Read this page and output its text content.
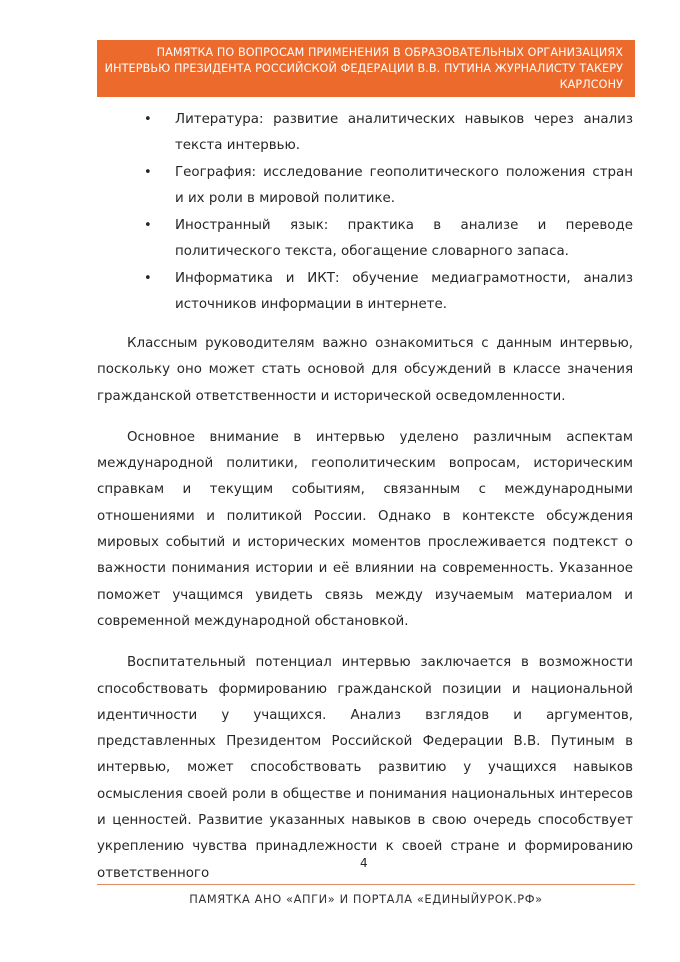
ПАМЯТКА ПО ВОПРОСАМ ПРИМЕНЕНИЯ В ОБРАЗОВАТЕЛЬНЫХ ОРГАНИЗАЦИЯХ
ИНТЕРВЬЮ ПРЕЗИДЕНТА РОССИЙСКОЙ ФЕДЕРАЦИИ В.В. ПУТИНА ЖУРНАЛИСТУ ТАКЕРУ
КАРЛСОНУ
• Литература: развитие аналитических навыков через анализ текста интервью.
• География: исследование геополитического положения стран и их роли в мировой политике.
• Иностранный язык: практика в анализе и переводе политического текста, обогащение словарного запаса.
• Информатика и ИКТ: обучение медиаграмотности, анализ источников информации в интернете.

Классным руководителям важно ознакомиться с данным интервью, поскольку оно может стать основой для обсуждений в классе значения гражданской ответственности и исторической осведомленности.

Основное внимание в интервью уделено различным аспектам международной политики, геополитическим вопросам, историческим справкам и текущим событиям, связанным с международными отношениями и политикой России. Однако в контексте обсуждения мировых событий и исторических моментов прослеживается подтекст о важности понимания истории и её влиянии на современность. Указанное поможет учащимся увидеть связь между изучаемым материалом и современной международной обстановкой.

Воспитательный потенциал интервью заключается в возможности способствовать формированию гражданской позиции и национальной идентичности у учащихся. Анализ взглядов и аргументов, представленных Президентом Российской Федерации В.В. Путиным в интервью, может способствовать развитию у учащихся навыков осмысления своей роли в обществе и понимания национальных интересов и ценностей. Развитие указанных навыков в свою очередь способствует укреплению чувства принадлежности к своей стране и формированию ответственного

4
ПАМЯТКА АНО «АПГИ» И ПОРТАЛА «ЕДИНЫЙУРОК.РФ»
